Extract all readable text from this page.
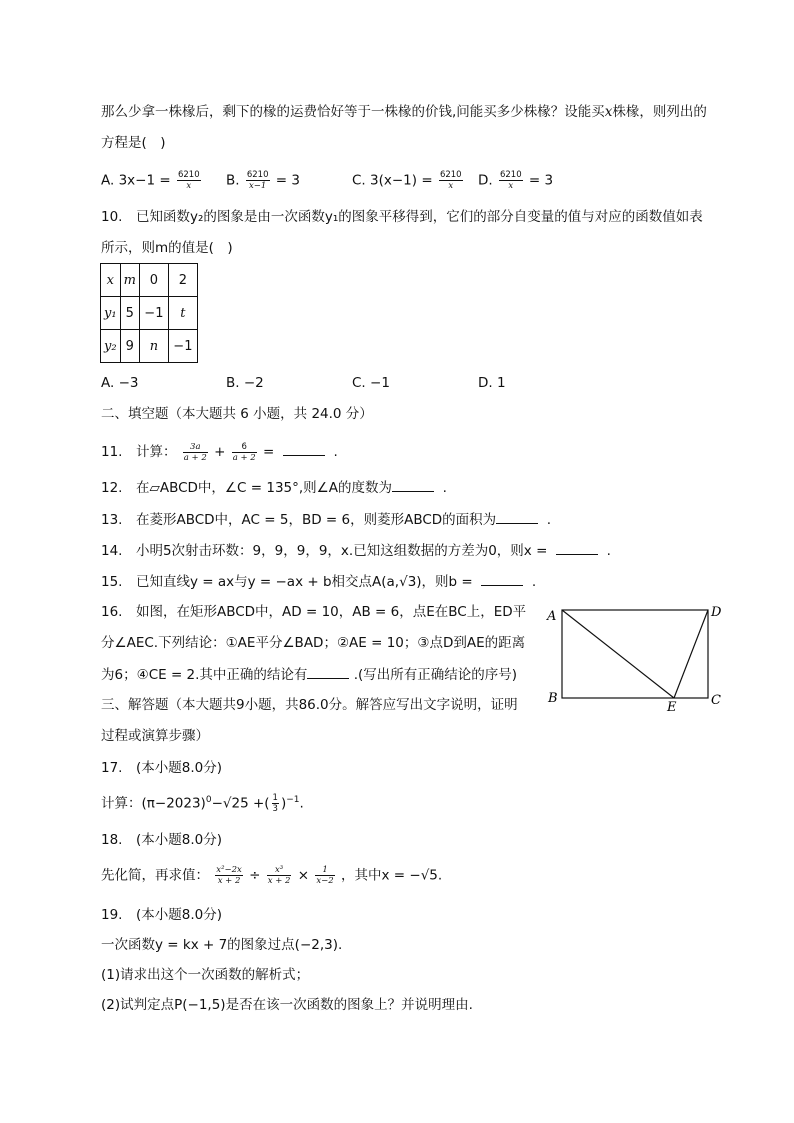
那么少拿一株椽后，剩下的椽的运费恰好等于一株椽的价钱,问能买多少株椽？设能买x株椽，则列出的
方程是(　)
A. $3x-1 = \frac{6210}{x} B$. $\frac{6210}{x-1} = 3$	C. $3(x-1) = \frac{6210}{x} D$. $\frac{6210}{x} = 3$
10.　已知函数y₂的图象是由一次函数y₁的图象平移得到，它们的部分自变量的值与对应的函数值如表
所示，则m的值是(　)
x	m	0	2
y₁	5	−1	t
y₂	9	n	−1
A. −3	B. −2	C. −1	D. 1
二、填空题（本大题共 6 小题，共 24.0 分）
11.　计算： $\frac{3a}{a + 2} + \frac{6}{a + 2}$ =	.
12.　在▱ABCD中，∠C = 135°,则∠A的度数为	.
13.　在菱形ABCD中，AC = 5，BD = 6，则菱形ABCD的面积为	.
14.　小明5次射击环数：9，9，9，9，x.已知这组数据的方差为0，则x =	.
15.　已知直线y = ax与y = −ax + b相交点A(a,√3)，则b =	.
16.　如图，在矩形ABCD中，AD = 10，AB = 6，点E在BC上，ED平
分∠AEC.下列结论：①AE平分∠BAD；②AE = 10；③点D到AE的距离
为6；④CE = 2.其中正确的结论有	.(写出所有正确结论的序号)
A	D
B	C
E
三、解答题（本大题共9小题，共86.0分。解答应写出文字说明，证明
过程或演算步骤）
17.　(本小题8.0分)
计算：$(\pi-2023)^0-√25$ +( $\frac{1}{3} )^{-1}$.
18.　(本小题8.0分)
先化简，再求值： $\frac{\text{x²−2x}}{x + 2} \div \frac{\text{x³}}{x + 2} \times \frac{1}{x-2}$ ，其中x = −√5.
19.　(本小题8.0分)
一次函数y = kx + 7的图象过点(−2,3).
(1)请求出这个一次函数的解析式；
(2)试判定点P(−1,5)是否在该一次函数的图象上？并说明理由.
